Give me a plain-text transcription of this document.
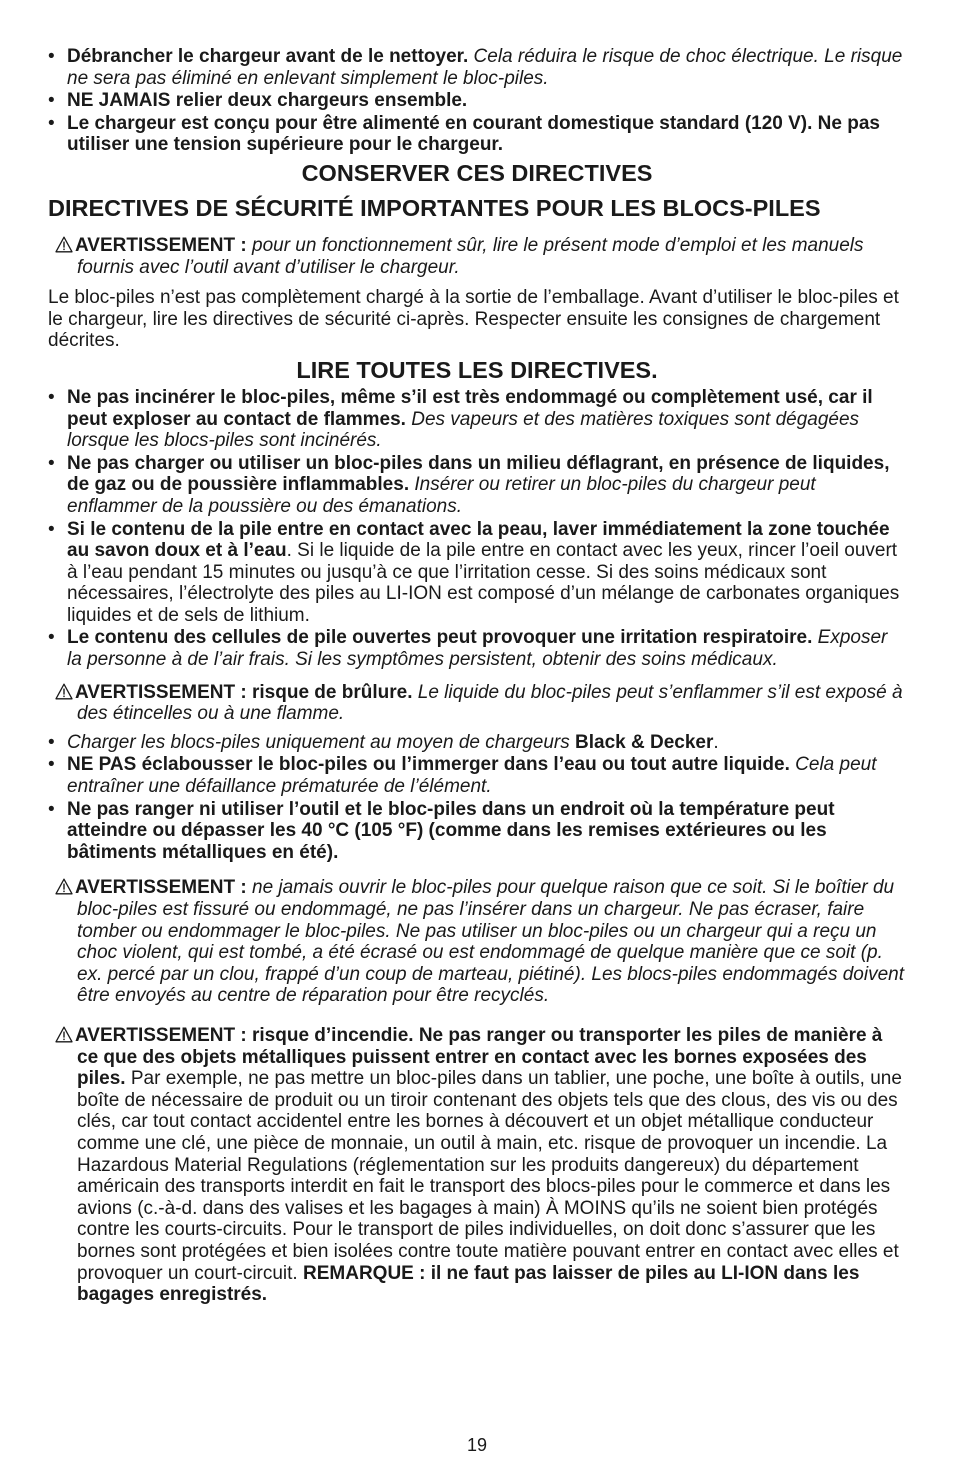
• Débrancher le chargeur avant de le nettoyer. Cela réduira le risque de choc électrique. Le risque ne sera pas éliminé en enlevant simplement le bloc-piles.
• NE JAMAIS relier deux chargeurs ensemble.
• Le chargeur est conçu pour être alimenté en courant domestique standard (120 V). Ne pas utiliser une tension supérieure pour le chargeur.
CONSERVER CES DIRECTIVES
DIRECTIVES DE SÉCURITÉ IMPORTANTES POUR LES BLOCS-PILES

AVERTISSEMENT : pour un fonctionnement sûr, lire le présent mode d’emploi et les manuels fournis avec l’outil avant d’utiliser le chargeur.

Le bloc-piles n’est pas complètement chargé à la sortie de l’emballage. Avant d’utiliser le bloc-piles et le chargeur, lire les directives de sécurité ci-après. Respecter ensuite les consignes de chargement décrites.

LIRE TOUTES LES DIRECTIVES.
• Ne pas incinérer le bloc-piles, même s’il est très endommagé ou complètement usé, car il peut exploser au contact de flammes. Des vapeurs et des matières toxiques sont dégagées lorsque les blocs-piles sont incinérés.
• Ne pas charger ou utiliser un bloc-piles dans un milieu déflagrant, en présence de liquides, de gaz ou de poussière inflammables. Insérer ou retirer un bloc-piles du chargeur peut enflammer de la poussière ou des émanations.
• Si le contenu de la pile entre en contact avec la peau, laver immédiatement la zone touchée au savon doux et à l’eau. Si le liquide de la pile entre en contact avec les yeux, rincer l’oeil ouvert à l’eau pendant 15 minutes ou jusqu’à ce que l’irritation cesse. Si des soins médicaux sont nécessaires, l’électrolyte des piles au LI-ION est composé d’un mélange de carbonates organiques liquides et de sels de lithium.
• Le contenu des cellules de pile ouvertes peut provoquer une irritation respiratoire. Exposer la personne à de l’air frais. Si les symptômes persistent, obtenir des soins médicaux.

AVERTISSEMENT : risque de brûlure. Le liquide du bloc-piles peut s’enflammer s’il est exposé à des étincelles ou à une flamme.

• Charger les blocs-piles uniquement au moyen de chargeurs Black & Decker.
• NE PAS éclabousser le bloc-piles ou l’immerger dans l’eau ou tout autre liquide. Cela peut entraîner une défaillance prématurée de l’élément.
• Ne pas ranger ni utiliser l’outil et le bloc-piles dans un endroit où la température peut atteindre ou dépasser les 40 °C (105 °F) (comme dans les remises extérieures ou les bâtiments métalliques en été).

AVERTISSEMENT : ne jamais ouvrir le bloc-piles pour quelque raison que ce soit. Si le boîtier du bloc-piles est fissuré ou endommagé, ne pas l’insérer dans un chargeur. Ne pas écraser, faire tomber ou endommager le bloc-piles. Ne pas utiliser un bloc-piles ou un chargeur qui a reçu un choc violent, qui est tombé, a été écrasé ou est endommagé de quelque manière que ce soit (p. ex. percé par un clou, frappé d’un coup de marteau, piétiné). Les blocs-piles endommagés doivent être envoyés au centre de réparation pour être recyclés.

AVERTISSEMENT : risque d’incendie. Ne pas ranger ou transporter les piles de manière à ce que des objets métalliques puissent entrer en contact avec les bornes exposées des piles. Par exemple, ne pas mettre un bloc-piles dans un tablier, une poche, une boîte à outils, une boîte de nécessaire de produit ou un tiroir contenant des objets tels que des clous, des vis ou des clés, car tout contact accidentel entre les bornes à découvert et un objet métallique conducteur comme une clé, une pièce de monnaie, un outil à main, etc. risque de provoquer un incendie. La Hazardous Material Regulations (réglementation sur les produits dangereux) du département américain des transports interdit en fait le transport des blocs-piles pour le commerce et dans les avions (c.-à-d. dans des valises et les bagages à main) À MOINS qu’ils ne soient bien protégés contre les courts-circuits. Pour le transport de piles individuelles, on doit donc s’assurer que les bornes sont protégées et bien isolées contre toute matière pouvant entrer en contact avec elles et provoquer un court-circuit. REMARQUE : il ne faut pas laisser de piles au LI-ION dans les bagages enregistrés.

19
